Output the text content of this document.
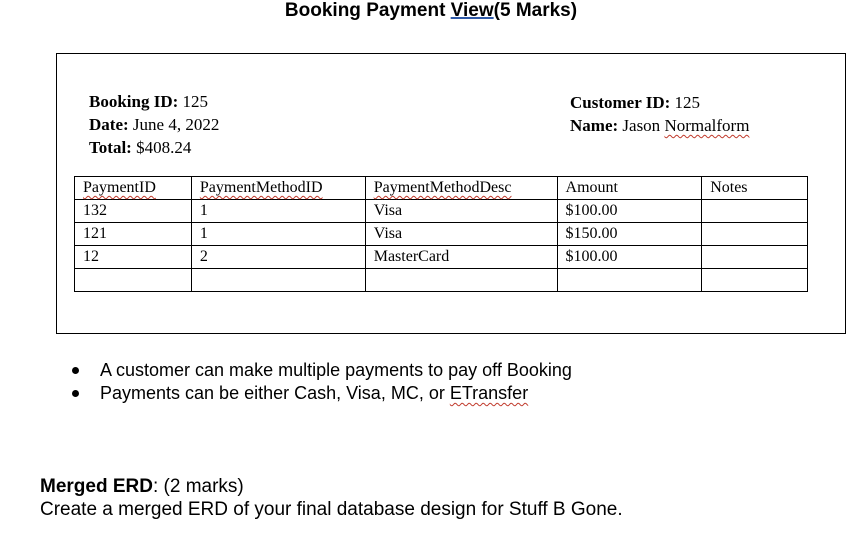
Booking Payment View(5 Marks)
Booking ID: 125
Date: June 4, 2022
Total: $408.24
Customer ID: 125
Name: Jason Normalform
PaymentID	PaymentMethodID	PaymentMethodDesc	Amount	Notes
132	1	Visa	$100.00	
121	1	Visa	$150.00	
12	2	MasterCard	$100.00	

A customer can make multiple payments to pay off Booking
Payments can be either Cash, Visa, MC, or ETransfer
Merged ERD: (2 marks)
Create a merged ERD of your final database design for Stuff B Gone.
